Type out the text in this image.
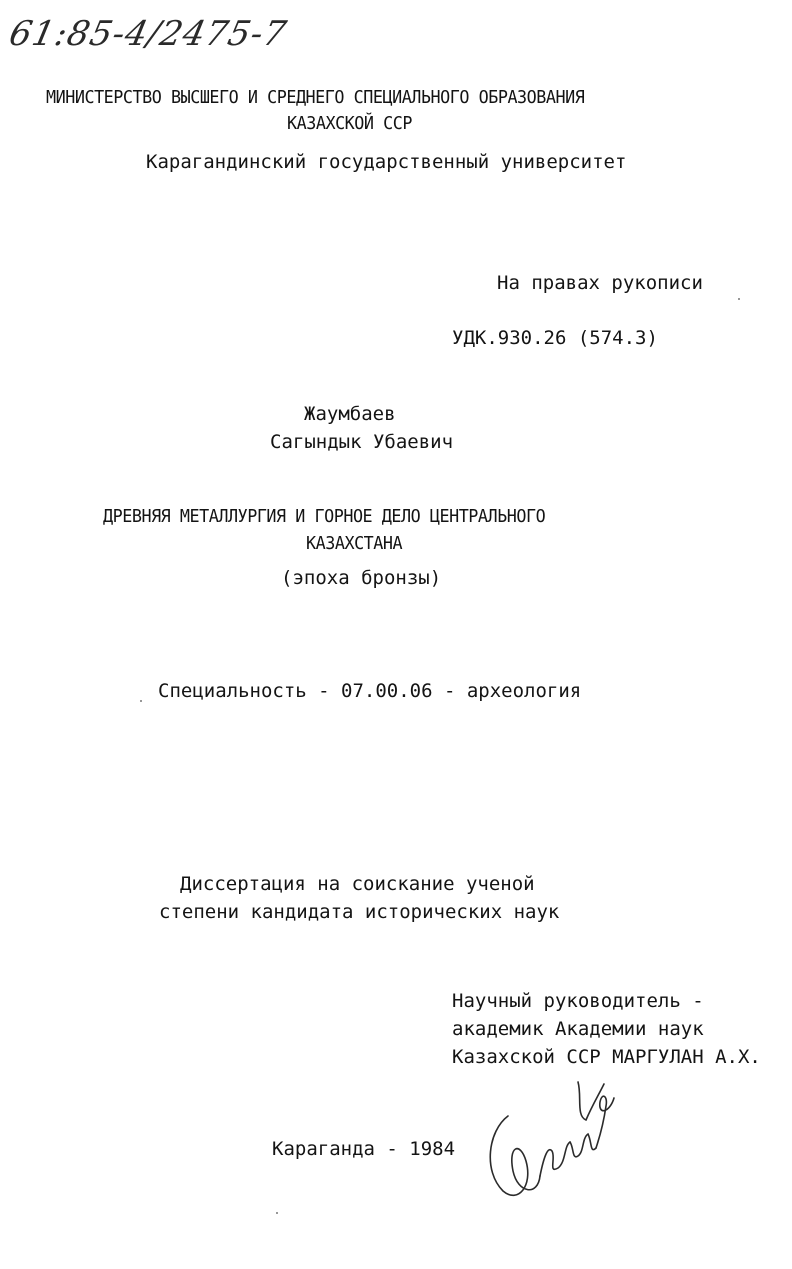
61:85-4/2475-7
МИНИСТЕРСТВО ВЫСШЕГО И СРЕДНЕГО СПЕЦИАЛЬНОГО ОБРАЗОВАНИЯ
КАЗАХСКОЙ ССР
Карагандинский государственный университет
На правах рукописи
УДК.930.26 (574.3)
Жаумбаев
Сагындык Убаевич
ДРЕВНЯЯ МЕТАЛЛУРГИЯ И ГОРНОЕ ДЕЛО ЦЕНТРАЛЬНОГО
КАЗАХСТАНА
(эпоха бронзы)
Специальность - 07.00.06 - археология
Диссертация на соискание ученой
степени кандидата исторических наук
Научный руководитель -
академик Академии наук
Казахской ССР МАРГУЛАН А.Х.
Караганда - 1984
